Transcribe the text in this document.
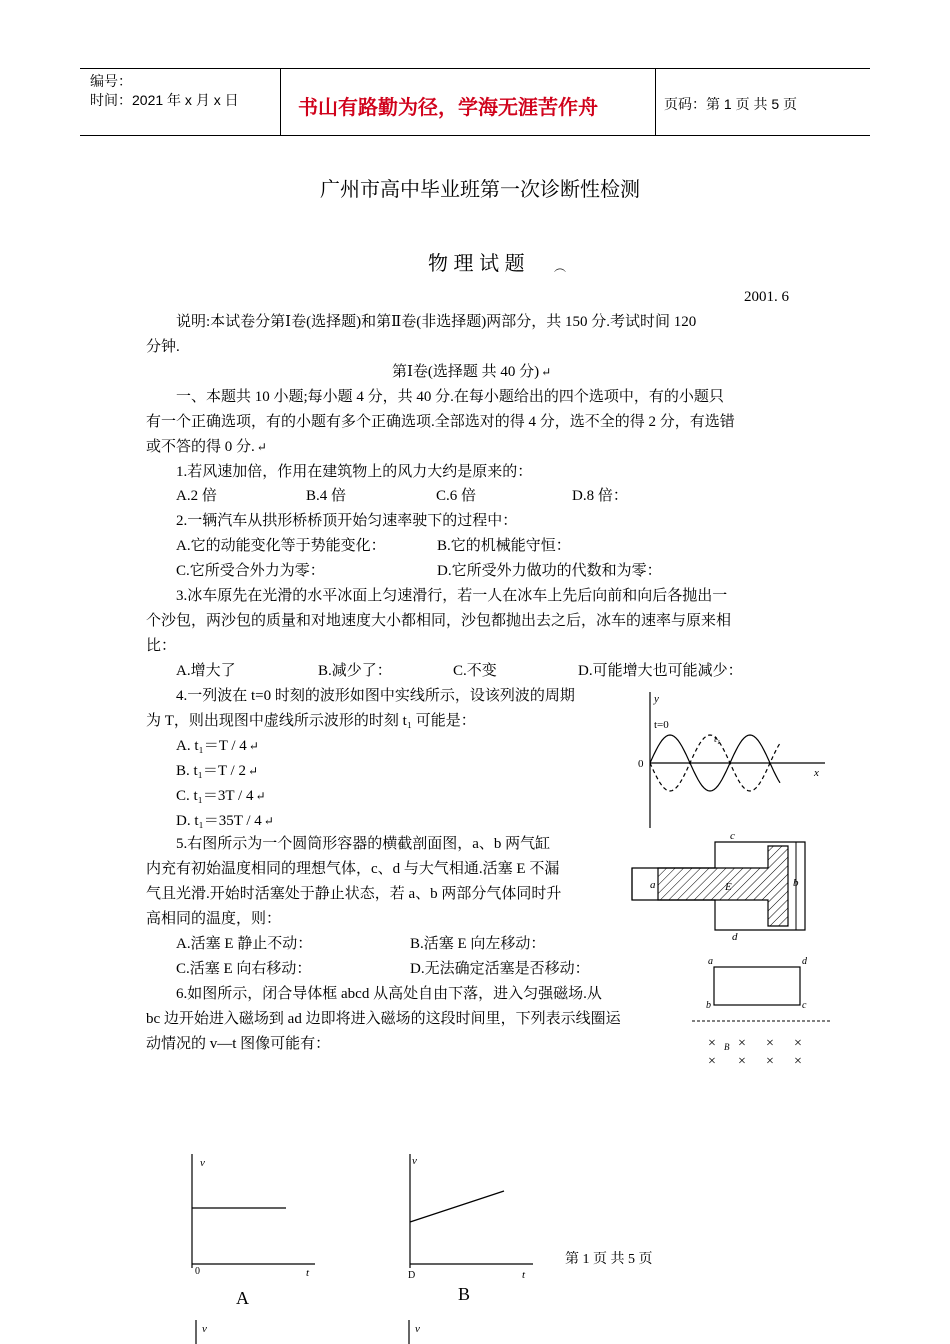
编号：
时间：2021 年 x 月 x 日	书山有路勤为径，学海无涯苦作舟	页码：第 1 页 共 5 页
广州市高中毕业班第一次诊断性检测
物 理 试 题 ︵
2001. 6
说明:本试卷分第Ⅰ卷(选择题)和第Ⅱ卷(非选择题)两部分，共 150 分.考试时间 120
分钟.
第Ⅰ卷(选择题 共 40 分) ↵
一、本题共 10 小题;每小题 4 分，共 40 分.在每小题给出的四个选项中，有的小题只
有一个正确选项，有的小题有多个正确选项.全部选对的得 4 分，选不全的得 2 分，有选错
或不答的得 0 分. ↵
1.若风速加倍，作用在建筑物上的风力大约是原来的：
A.2 倍	B.4 倍	C.6 倍	D.8 倍：
2.一辆汽车从拱形桥桥顶开始匀速率驶下的过程中：
A.它的动能变化等于势能变化：	B.它的机械能守恒：
C.它所受合外力为零：	D.它所受外力做功的代数和为零：
3.冰车原先在光滑的水平冰面上匀速滑行，若一人在冰车上先后向前和向后各抛出一
个沙包，两沙包的质量和对地速度大小都相同，沙包都抛出去之后，冰车的速率与原来相
比：
A.增大了	B.减少了：	C.不变	D.可能增大也可能减少：
4.一列波在 t=0 时刻的波形如图中实线所示，设该列波的周期
为 T，则出现图中虚线所示波形的时刻 t₁ 可能是：
A. t₁＝T / 4 ↵
B. t₁＝T / 2 ↵
C. t₁＝3T / 4 ↵
D. t₁＝35T / 4 ↵
y
t=0
t₁
0
x
5.右图所示为一个圆筒形容器的横截剖面图，a、b 两气缸
内充有初始温度相同的理想气体，c、d 与大气相通.活塞 E 不漏
气且光滑.开始时活塞处于静止状态，若 a、b 两部分气体同时升
高相同的温度，则：
A.活塞 E 静止不动：	B.活塞 E 向左移动：
C.活塞 E 向右移动：	D.无法确定活塞是否移动：
c
a	E	b
d
6.如图所示，闭合导体框 abcd 从高处自由下落，进入匀强磁场.从
bc 边开始进入磁场到 ad 边即将进入磁场的这段时间里，下列表示线圈运
动情况的 v—t 图像可能有：
a	d
b	c
× × × ×
× × × ×
B
v
t
0
A
v
t
D
B
v	v
第 1 页 共 5 页
